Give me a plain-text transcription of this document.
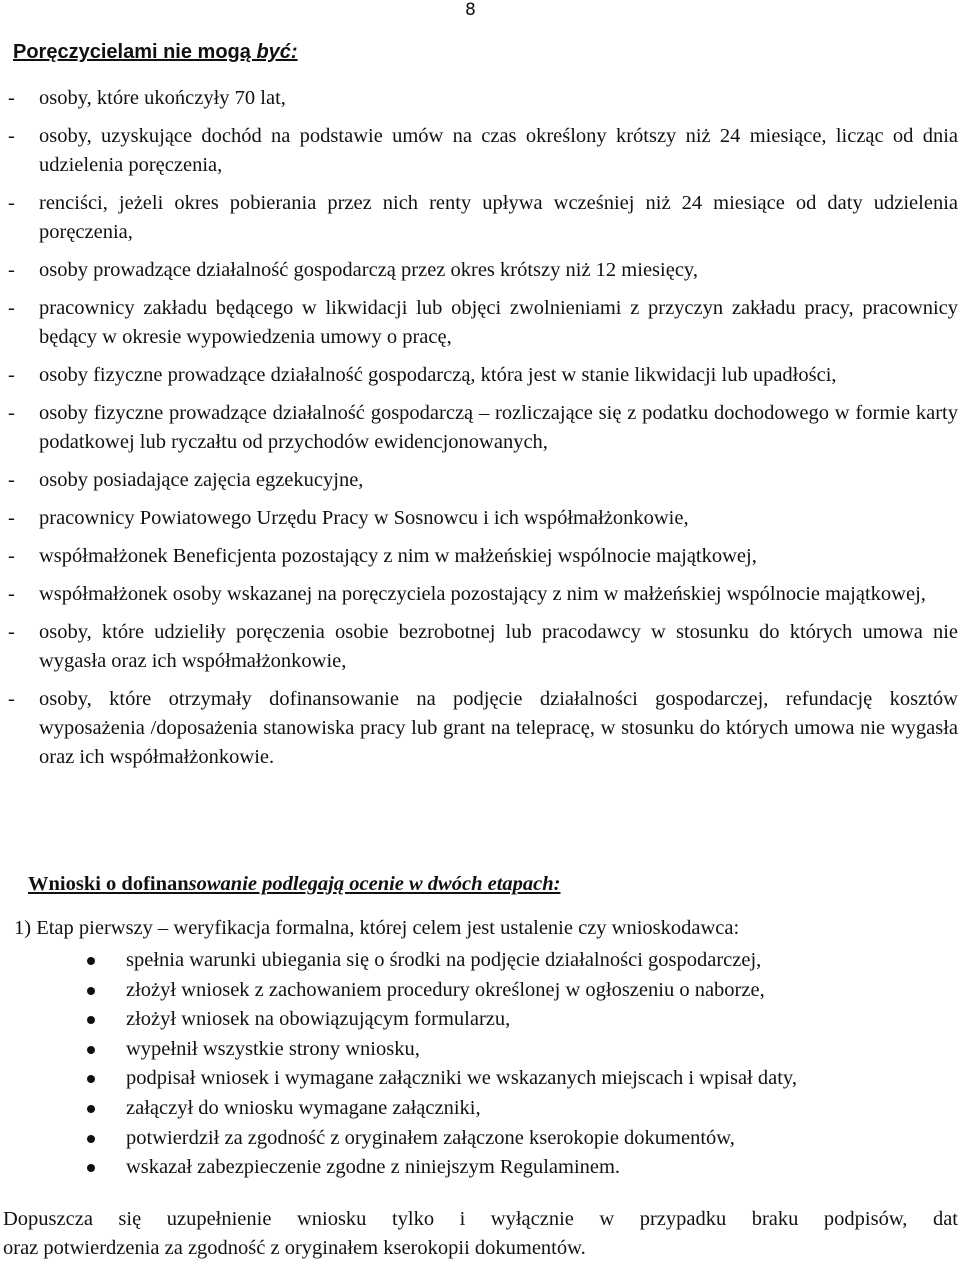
8
Poręczycielami nie mogą być:
- osoby, które ukończyły 70 lat,
- osoby, uzyskujące dochód na podstawie umów na czas określony krótszy niż 24 miesiące, licząc od dnia udzielenia poręczenia,
- renciści, jeżeli okres pobierania przez nich renty upływa wcześniej niż 24 miesiące od daty udzielenia poręczenia,
- osoby prowadzące działalność gospodarczą przez okres krótszy niż 12 miesięcy,
- pracownicy zakładu będącego w likwidacji lub objęci zwolnieniami z przyczyn zakładu pracy, pracownicy będący w okresie wypowiedzenia umowy o pracę,
- osoby fizyczne prowadzące działalność gospodarczą, która jest w stanie likwidacji lub upadłości,
- osoby fizyczne prowadzące działalność gospodarczą – rozliczające się z podatku dochodowego w formie karty podatkowej lub ryczałtu od przychodów ewidencjonowanych,
- osoby posiadające zajęcia egzekucyjne,
- pracownicy Powiatowego Urzędu Pracy w Sosnowcu i ich współmałżonkowie,
- współmałżonek Beneficjenta pozostający z nim w małżeńskiej wspólnocie majątkowej,
- współmałżonek osoby wskazanej na poręczyciela pozostający z nim w małżeńskiej wspólnocie majątkowej,
- osoby, które udzieliły poręczenia osobie bezrobotnej lub pracodawcy w stosunku do których umowa nie wygasła oraz ich współmałżonkowie,
- osoby, które otrzymały dofinansowanie na podjęcie działalności gospodarczej, refundację kosztów wyposażenia /doposażenia stanowiska pracy lub grant na telepracę, w stosunku do których umowa nie wygasła oraz ich współmałżonkowie.
Wnioski o dofinansowanie podlegają ocenie w dwóch etapach:
1) Etap pierwszy – weryfikacja formalna, której celem jest ustalenie czy wnioskodawca:
spełnia warunki ubiegania się o środki na podjęcie działalności gospodarczej,
złożył wniosek z zachowaniem procedury określonej w ogłoszeniu o naborze,
złożył wniosek na obowiązującym formularzu,
wypełnił wszystkie strony wniosku,
podpisał wniosek i wymagane załączniki we wskazanych miejscach i wpisał daty,
załączył do wniosku wymagane załączniki,
potwierdził za zgodność z oryginałem załączone kserokopie dokumentów,
wskazał zabezpieczenie zgodne z niniejszym Regulaminem.
Dopuszcza się uzupełnienie wniosku tylko i wyłącznie w przypadku braku podpisów, dat
oraz potwierdzenia za zgodność z oryginałem kserokopii dokumentów.
